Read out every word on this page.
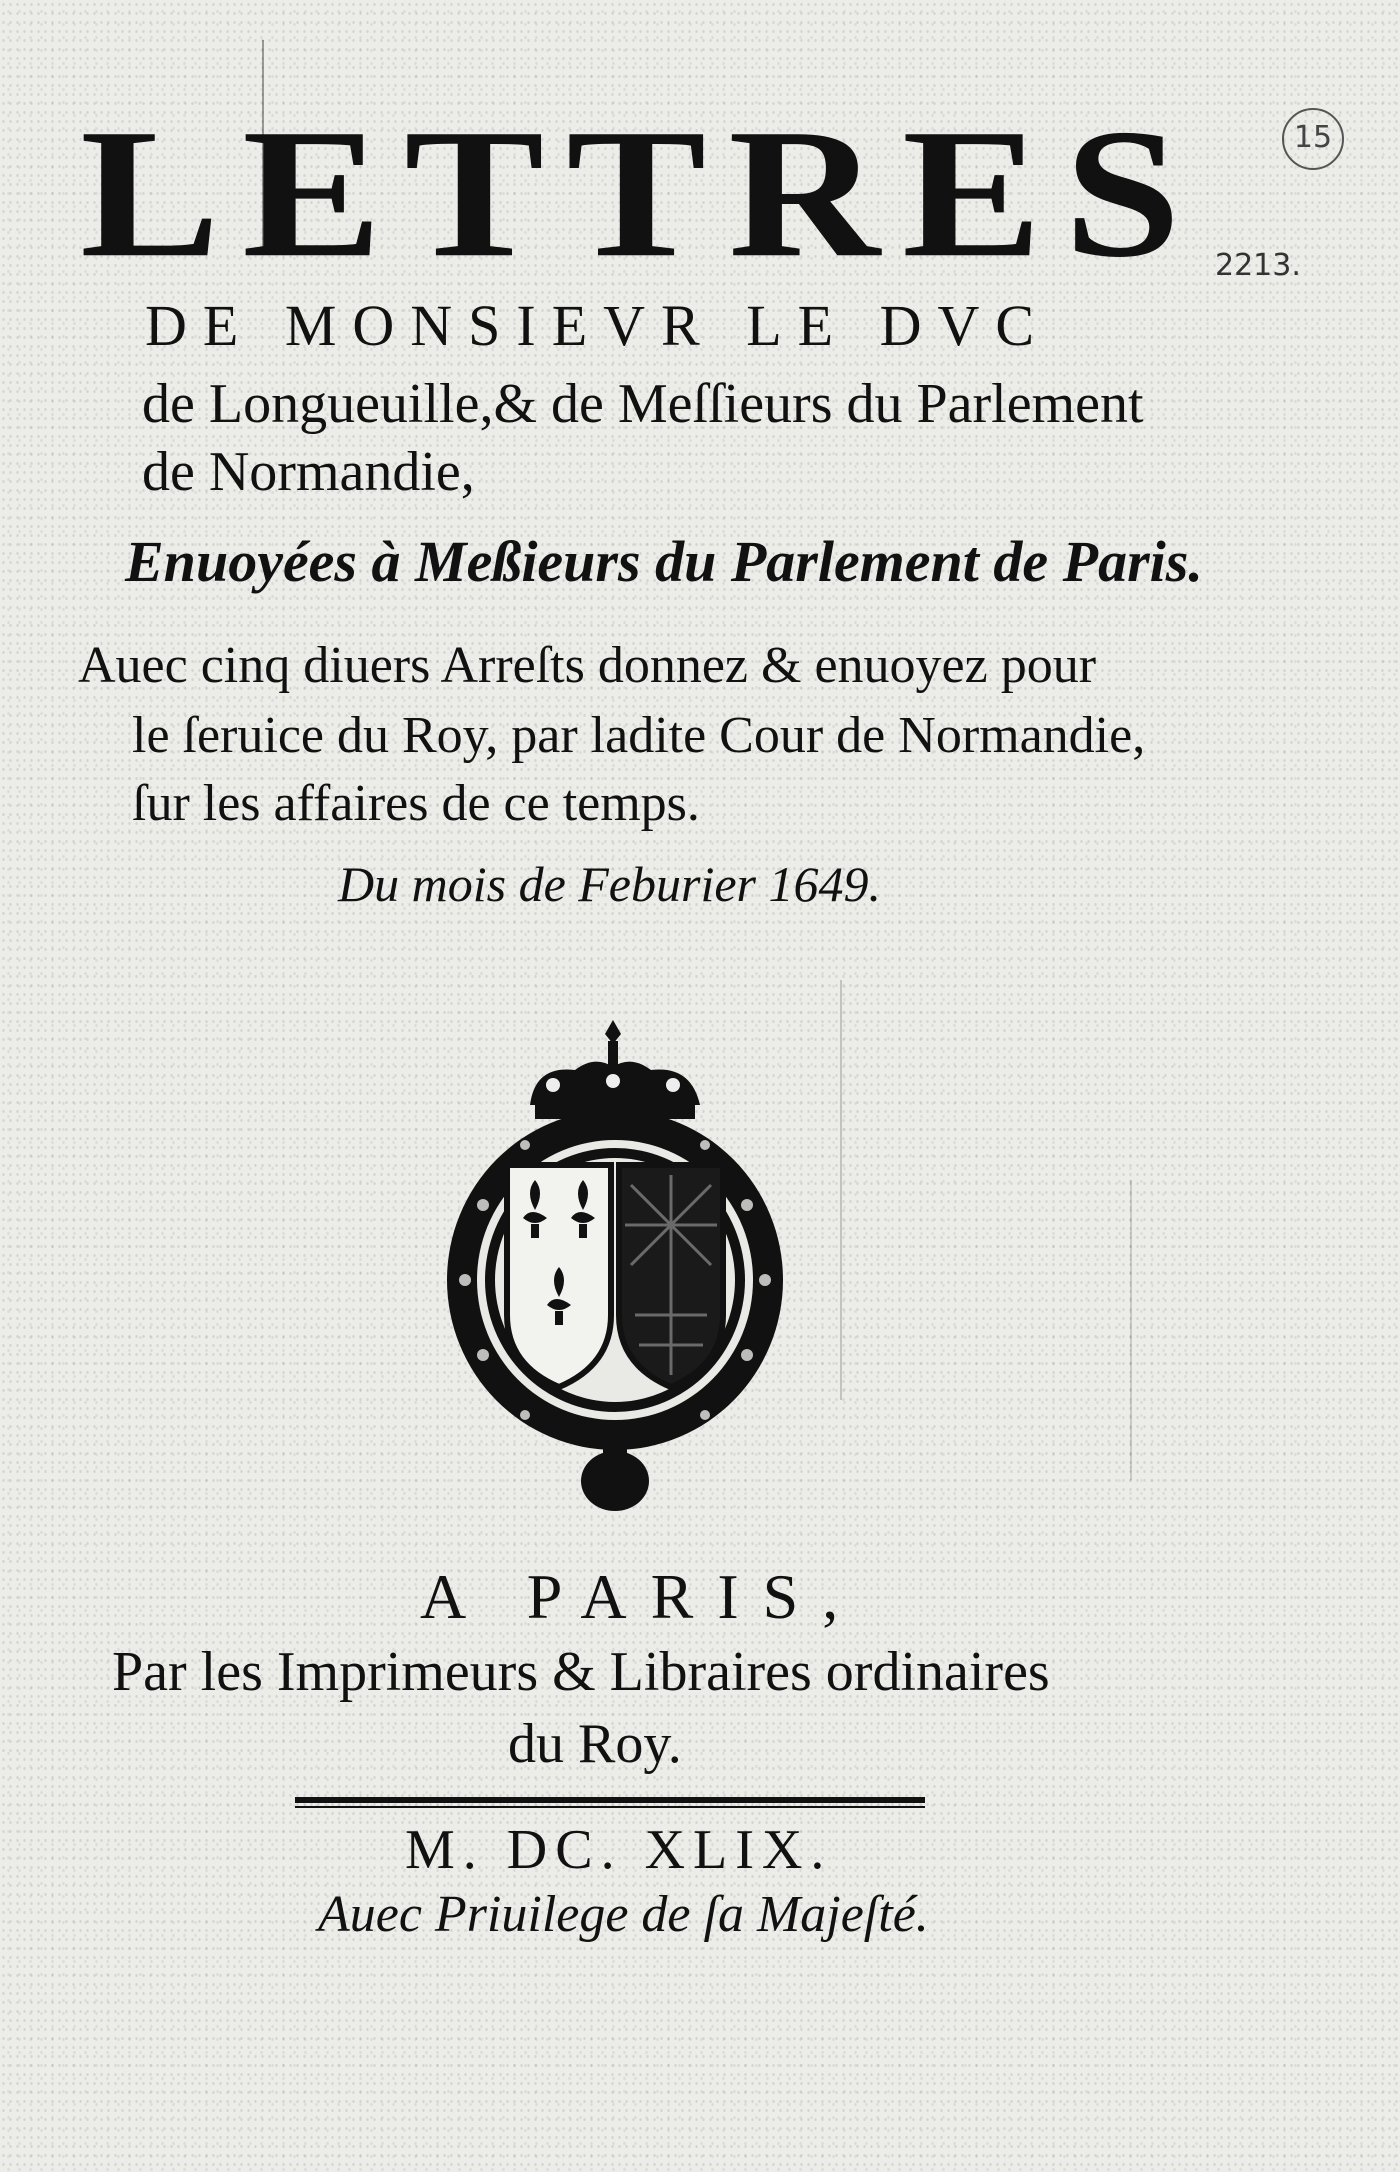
15
2213.
LETTRES
DE MONSIEVR LE DVC
de Longueuille,& de Meſſieurs du Parlement
de Normandie,
Enuoyées à Meßieurs du Parlement de Paris.
Auec cinq diuers Arreſts donnez & enuoyez pour
le ſeruice du Roy, par ladite Cour de Normandie,
ſur les affaires de ce temps.
Du mois de Feburier 1649.
A PARIS,
Par les Imprimeurs & Libraires ordinaires
du Roy.
M. DC. XLIX.
Auec Priuilege de ſa Majeſté.
